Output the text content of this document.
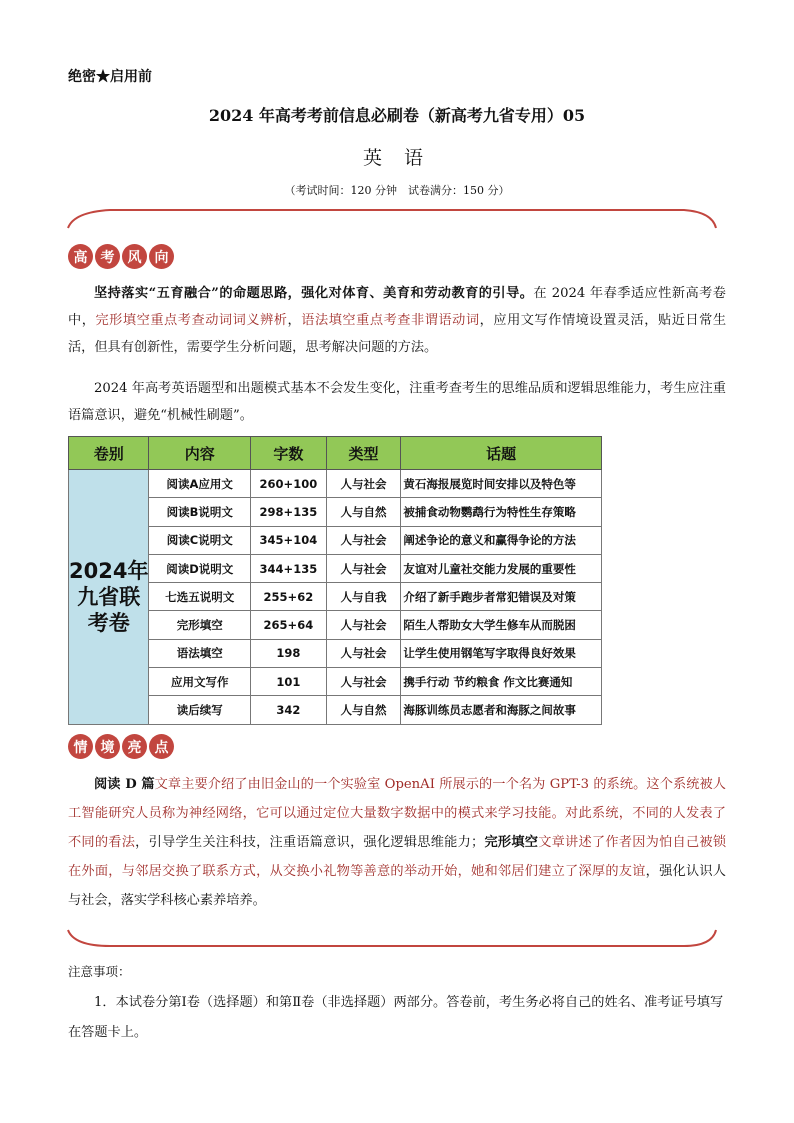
绝密★启用前
2024 年高考考前信息必刷卷（新高考九省专用）05
英 语
（考试时间：120 分钟　试卷满分：150 分）
高 考 风 向
坚持落实“五育融合”的命题思路，强化对体育、美育和劳动教育的引导。在 2024 年春季适应性新高考卷中，完形填空重点考查动词词义辨析，语法填空重点考查非谓语动词，应用文写作情境设置灵活，贴近日常生活，但具有创新性，需要学生分析问题，思考解决问题的方法。
2024 年高考英语题型和出题模式基本不会发生变化，注重考查考生的思维品质和逻辑思维能力，考生应注重语篇意识，避免“机械性刷题”。
卷别	内容	字数	类型	话题

2024年
九省联
考卷	阅读A应用文	260+100	人与社会	黄石海报展览时间安排以及特色等
	阅读B说明文	298+135	人与自然	被捕食动物鹦鹉行为特性生存策略
	阅读C说明文	345+104	人与社会	阐述争论的意义和赢得争论的方法
	阅读D说明文	344+135	人与社会	友谊对儿童社交能力发展的重要性
	七选五说明文	255+62	人与自我	介绍了新手跑步者常犯错误及对策
	完形填空	265+64	人与社会	陌生人帮助女大学生修车从而脱困
	语法填空	198	人与社会	让学生使用钢笔写字取得良好效果
	应用文写作	101	人与社会	携手行动 节约粮食 作文比赛通知
	读后续写	342	人与自然	海豚训练员志愿者和海豚之间故事
情 境 亮 点
阅读 D 篇文章主要介绍了由旧金山的一个实验室 OpenAI 所展示的一个名为 GPT-3 的系统。这个系统被人工智能研究人员称为神经网络，它可以通过定位大量数字数据中的模式来学习技能。对此系统，不同的人发表了不同的看法，引导学生关注科技，注重语篇意识，强化逻辑思维能力；完形填空文章讲述了作者因为怕自己被锁在外面，与邻居交换了联系方式，从交换小礼物等善意的举动开始，她和邻居们建立了深厚的友谊，强化认识人与社会，落实学科核心素养培养。
注意事项：
1．本试卷分第Ⅰ卷（选择题）和第Ⅱ卷（非选择题）两部分。答卷前，考生务必将自己的姓名、准考证号填写在答题卡上。
